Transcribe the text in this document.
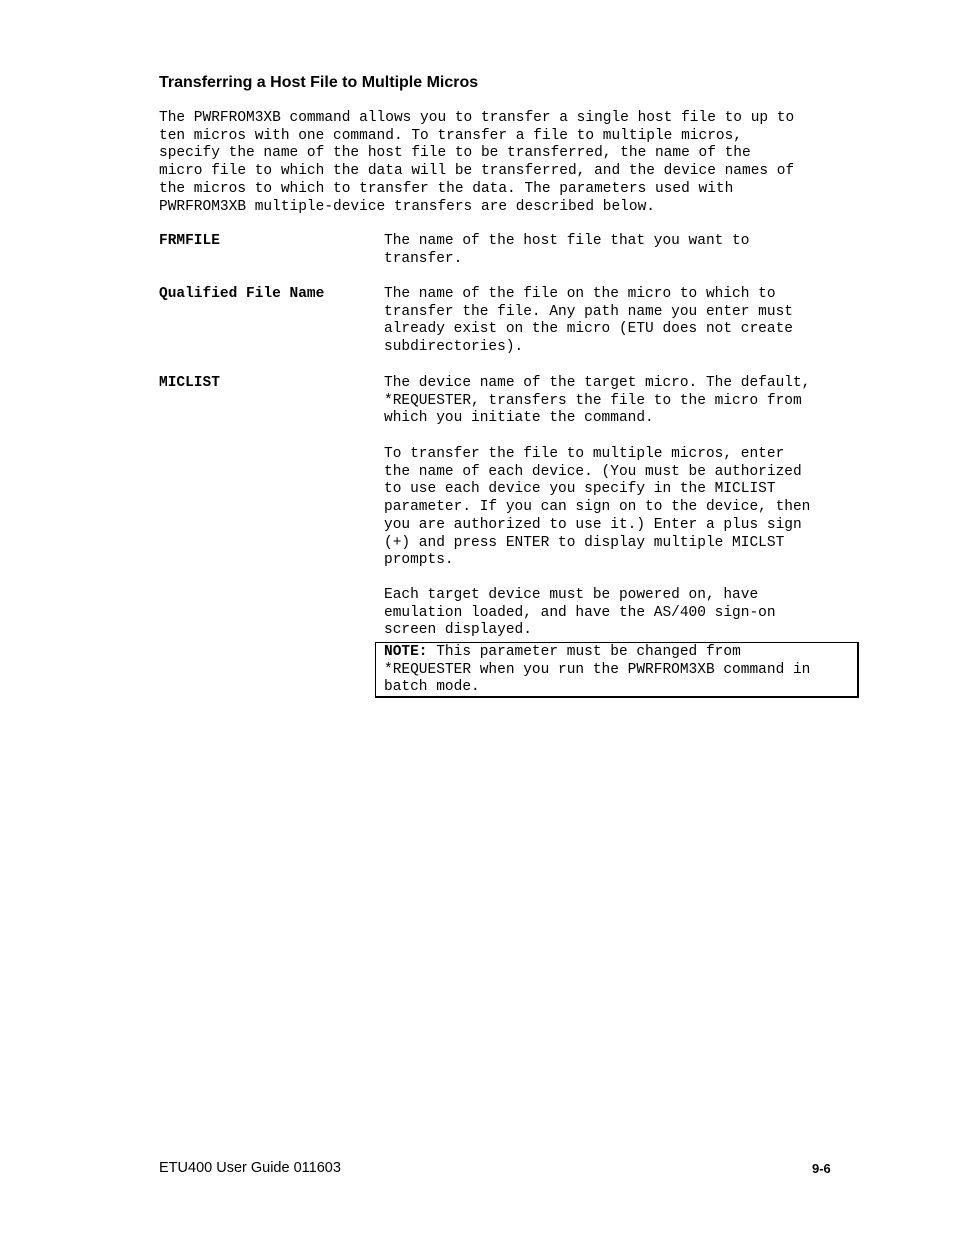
Transferring a Host File to Multiple Micros

The PWRFROM3XB command allows you to transfer a single host file to up to
ten micros with one command. To transfer a file to multiple micros,
specify the name of the host file to be transferred, the name of the
micro file to which the data will be transferred, and the device names of
the micros to which to transfer the data. The parameters used with
PWRFROM3XB multiple-device transfers are described below.

FRMFILE	The name of the host file that you want to
transfer.

Qualified File Name	The name of the file on the micro to which to
transfer the file. Any path name you enter must
already exist on the micro (ETU does not create
subdirectories).

MICLIST	The device name of the target micro. The default,
*REQUESTER, transfers the file to the micro from
which you initiate the command.

To transfer the file to multiple micros, enter
the name of each device. (You must be authorized
to use each device you specify in the MICLIST
parameter. If you can sign on to the device, then
you are authorized to use it.) Enter a plus sign
(+) and press ENTER to display multiple MICLST
prompts.

Each target device must be powered on, have
emulation loaded, and have the AS/400 sign-on
screen displayed.

NOTE: This parameter must be changed from
*REQUESTER when you run the PWRFROM3XB command in
batch mode.
ETU400 User Guide 011603	9-6
